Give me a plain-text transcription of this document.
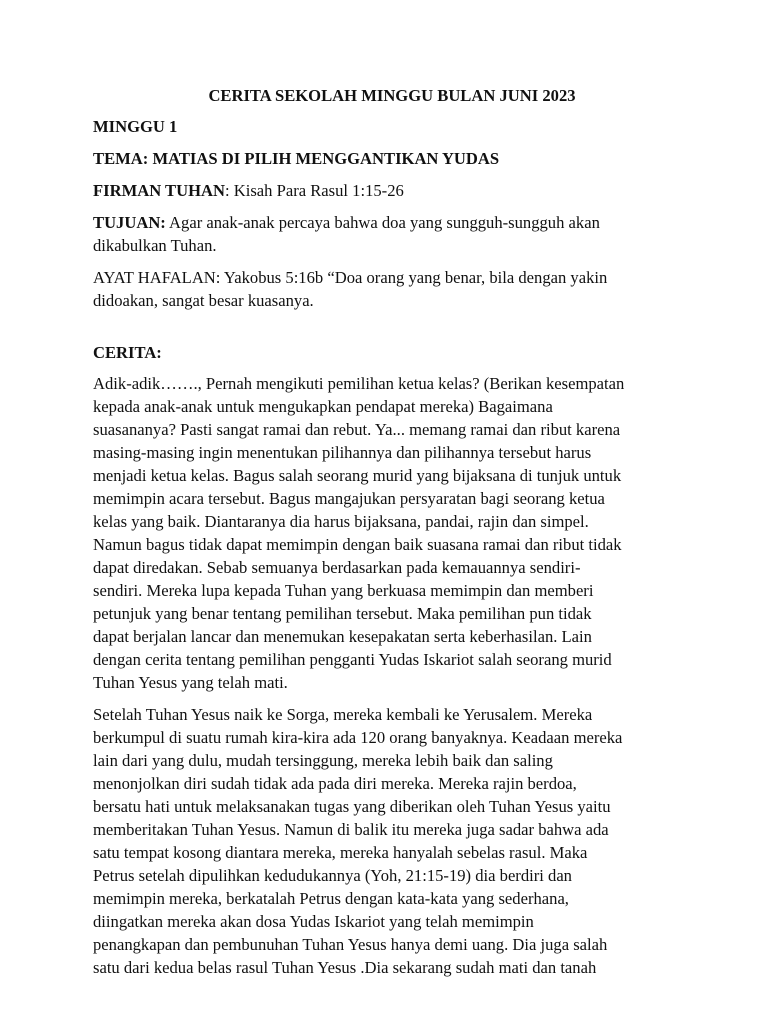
CERITA SEKOLAH MINGGU BULAN JUNI 2023
MINGGU 1
TEMA: MATIAS DI PILIH MENGGANTIKAN YUDAS
FIRMAN TUHAN: Kisah Para Rasul 1:15-26
TUJUAN: Agar anak-anak percaya bahwa doa yang sungguh-sungguh akan
dikabulkan Tuhan.
AYAT HAFALAN: Yakobus 5:16b “Doa orang yang benar, bila dengan yakin
didoakan, sangat besar kuasanya.
CERITA:
Adik-adik……., Pernah mengikuti pemilihan ketua kelas? (Berikan kesempatan
kepada anak-anak untuk mengukapkan pendapat mereka) Bagaimana
suasananya? Pasti sangat ramai dan rebut. Ya... memang ramai dan ribut karena
masing-masing ingin menentukan pilihannya dan pilihannya tersebut harus
menjadi ketua kelas. Bagus salah seorang murid yang bijaksana di tunjuk untuk
memimpin acara tersebut. Bagus mangajukan persyaratan bagi seorang ketua
kelas yang baik. Diantaranya dia harus bijaksana, pandai, rajin dan simpel.
Namun bagus tidak dapat memimpin dengan baik suasana ramai dan ribut tidak
dapat diredakan. Sebab semuanya berdasarkan pada kemauannya sendiri-
sendiri. Mereka lupa kepada Tuhan yang berkuasa memimpin dan memberi
petunjuk yang benar tentang pemilihan tersebut. Maka pemilihan pun tidak
dapat berjalan lancar dan menemukan kesepakatan serta keberhasilan. Lain
dengan cerita tentang pemilihan pengganti Yudas Iskariot salah seorang murid
Tuhan Yesus yang telah mati.
Setelah Tuhan Yesus naik ke Sorga, mereka kembali ke Yerusalem. Mereka
berkumpul di suatu rumah kira-kira ada 120 orang banyaknya. Keadaan mereka
lain dari yang dulu, mudah tersinggung, mereka lebih baik dan saling
menonjolkan diri sudah tidak ada pada diri mereka. Mereka rajin berdoa,
bersatu hati untuk melaksanakan tugas yang diberikan oleh Tuhan Yesus yaitu
memberitakan Tuhan Yesus. Namun di balik itu mereka juga sadar bahwa ada
satu tempat kosong diantara mereka, mereka hanyalah sebelas rasul. Maka
Petrus setelah dipulihkan kedudukannya (Yoh, 21:15-19) dia berdiri dan
memimpin mereka, berkatalah Petrus dengan kata-kata yang sederhana,
diingatkan mereka akan dosa Yudas Iskariot yang telah memimpin
penangkapan dan pembunuhan Tuhan Yesus hanya demi uang. Dia juga salah
satu dari kedua belas rasul Tuhan Yesus .Dia sekarang sudah mati dan tanah
